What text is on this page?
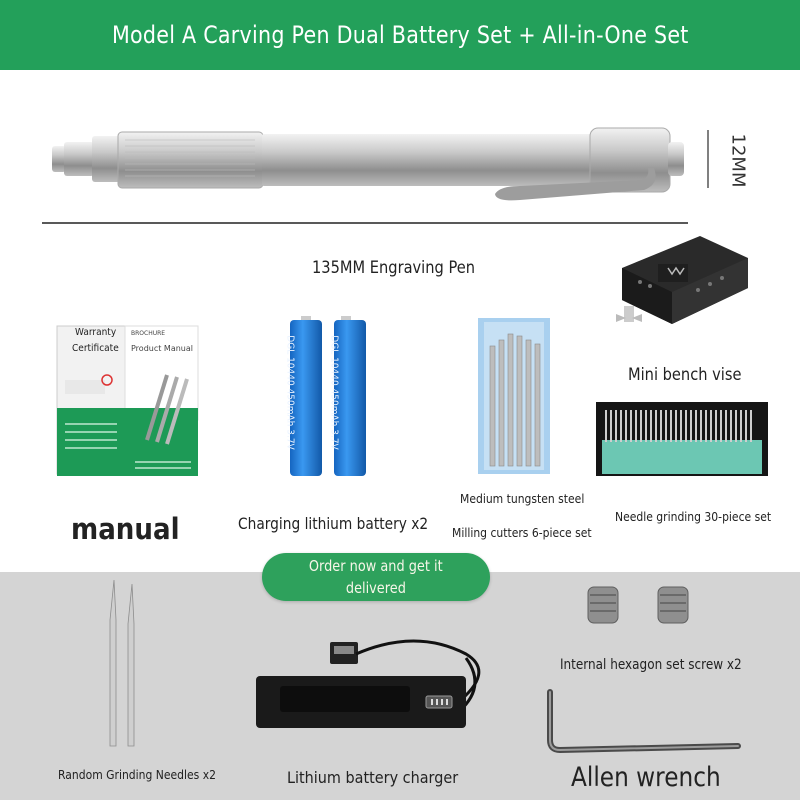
Model A Carving Pen Dual Battery Set + All-in-One Set
12MM
135MM Engraving Pen
Warranty
Certificate
BROCHURE
Product Manual
manual
DGL 10440 450mAh 3.7V	DGL 10440 450mAh 3.7V
Charging lithium battery x2
Medium tungsten steel
Milling cutters 6-piece set
Mini bench vise
Needle grinding 30-piece set
Order now and get it
delivered
Random Grinding Needles x2	Lithium battery charger
Internal hexagon set screw x2
Allen wrench
